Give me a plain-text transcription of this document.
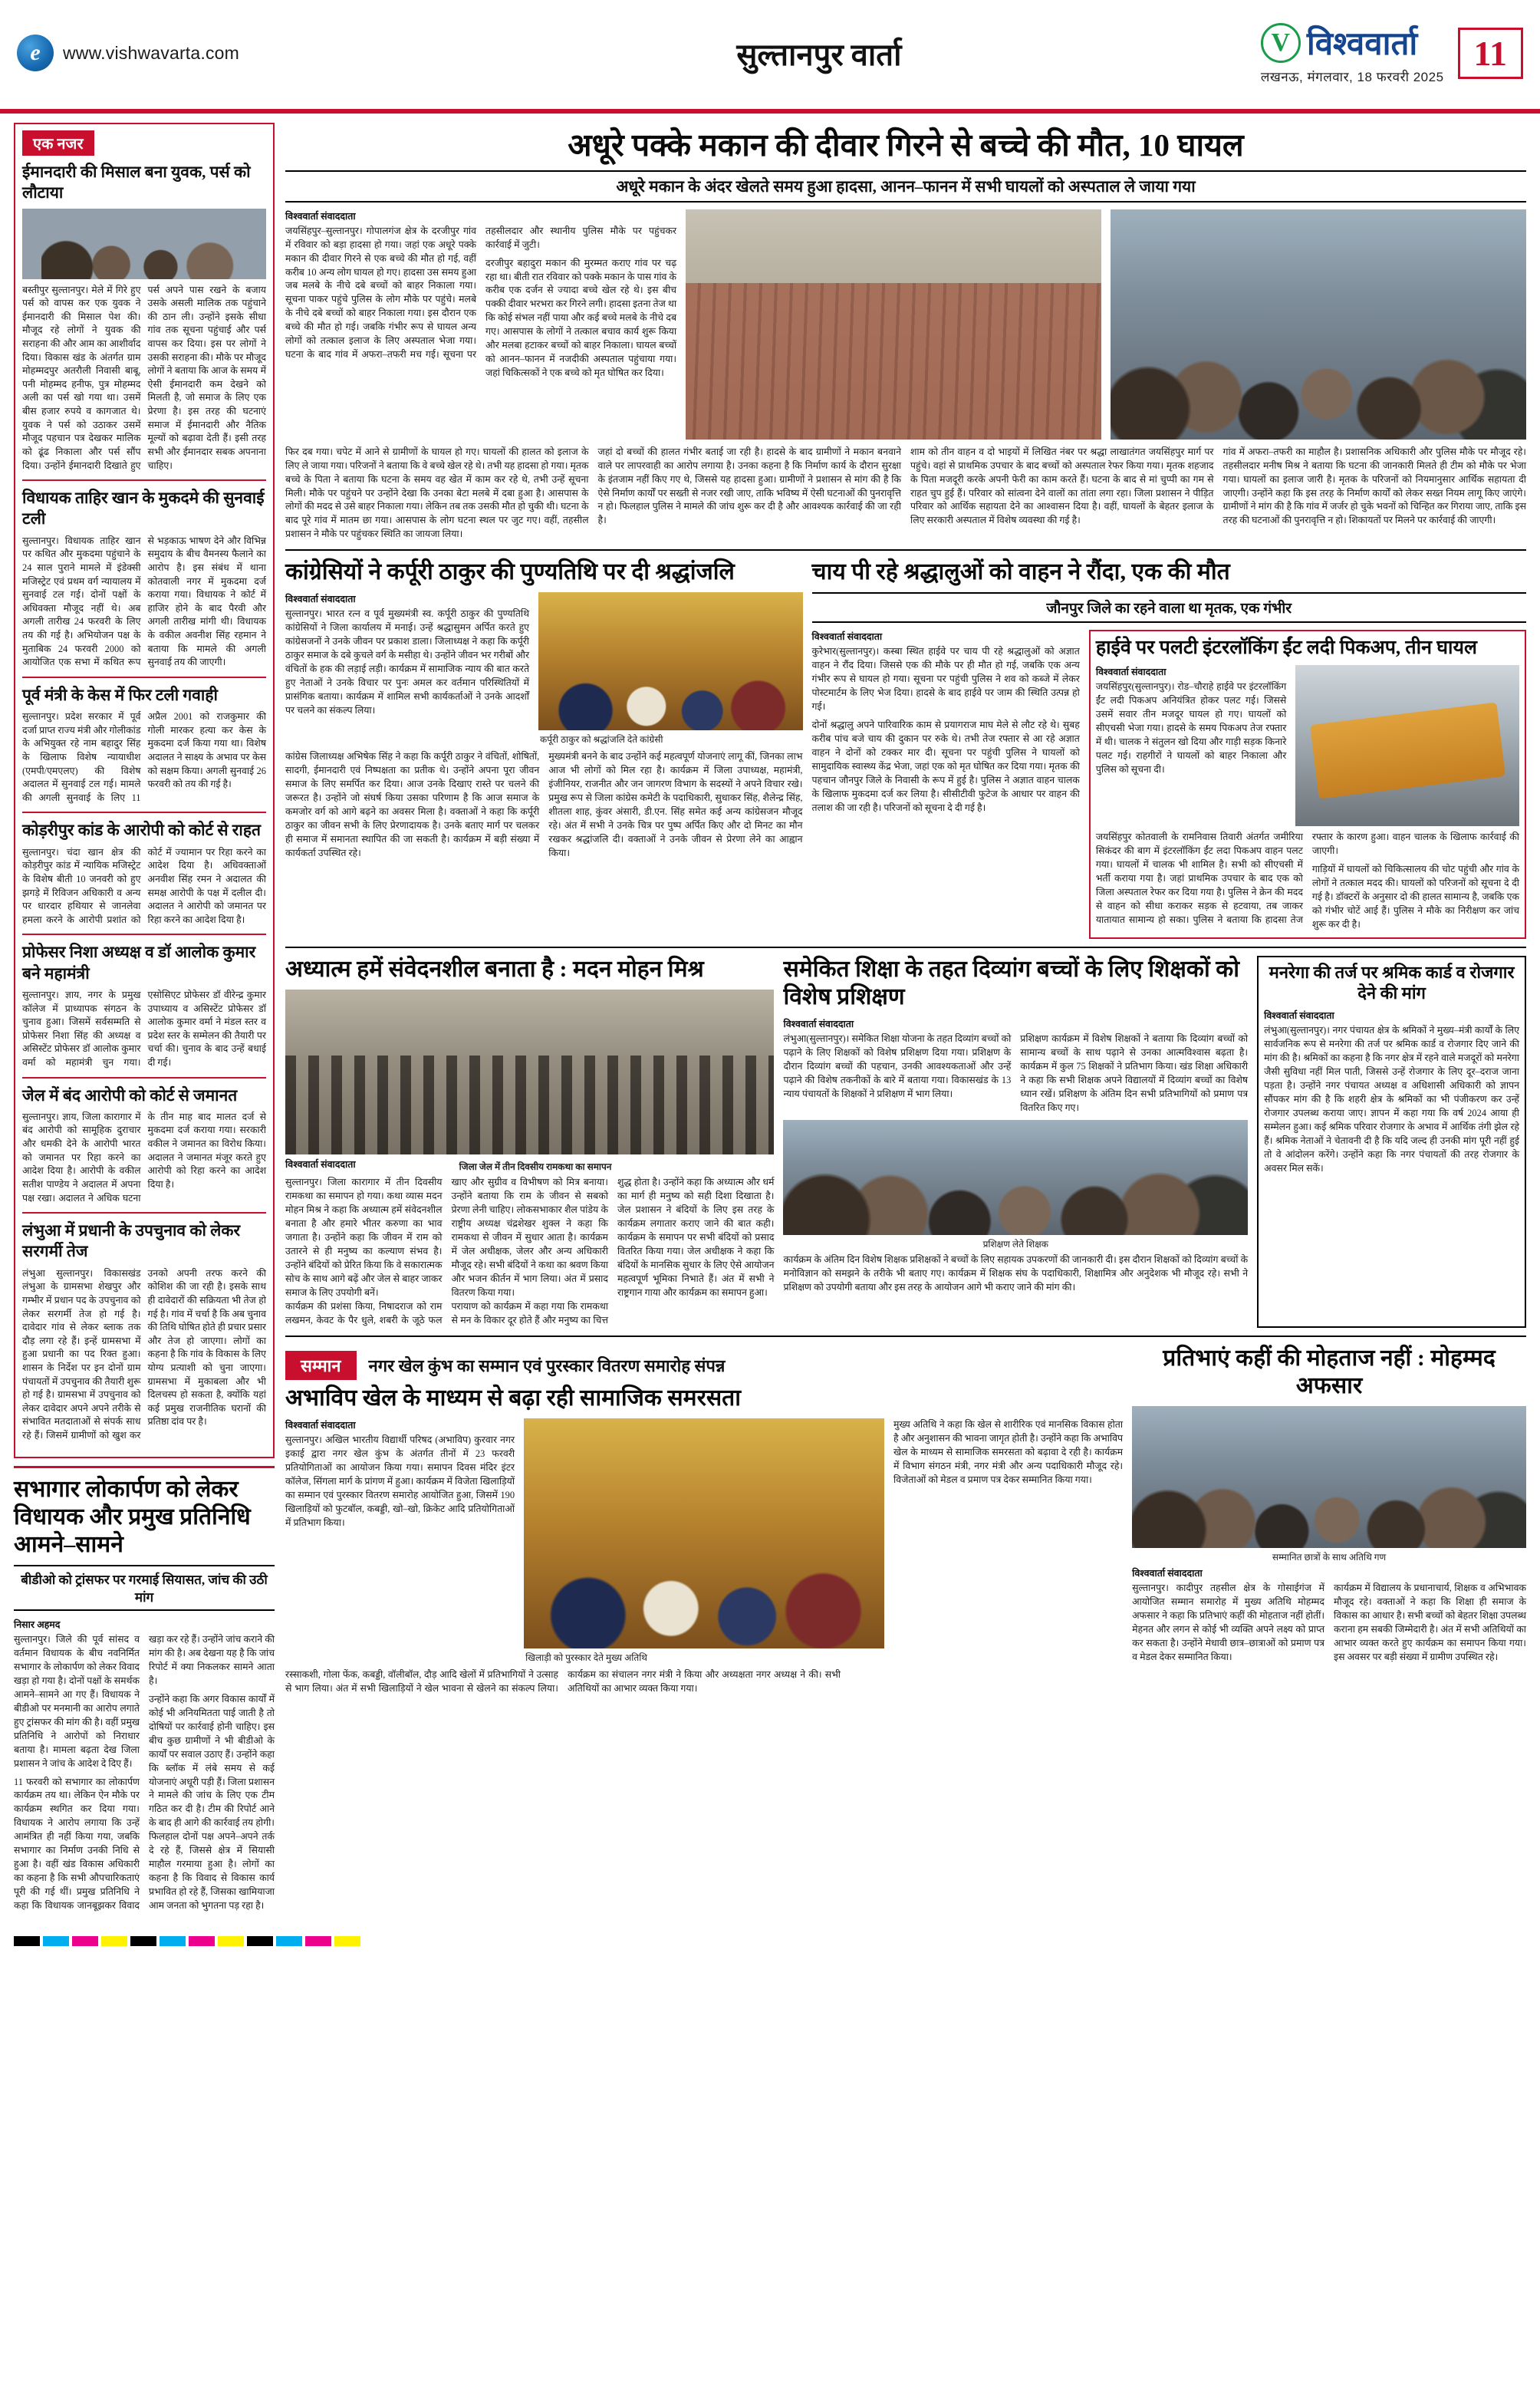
e
www.vishwavarta.com	सुल्तानपुर वार्ता V	विश्ववार्ता
लखनऊ, मंगलवार, 18 फरवरी 2025
11
एक नजर
ईमानदारी की मिसाल बना युवक, पर्स को लौटाया
बस्तीपुर सुल्तानपुर। मेले में गिरे हुए पर्स को वापस कर एक युवक ने ईमानदारी की मिसाल पेश की। मौजूद रहे लोगों ने युवक की सराहना की और आम का आशीर्वाद दिया। विकास खंड के अंतर्गत ग्राम मोहम्मदपुर अतरौली निवासी बाबू, पनी मोहम्मद हनीफ, पुत्र मोहम्मद अली का पर्स खो गया था। उसमें बीस हजार रुपये व कागजात थे। युवक ने पर्स को उठाकर उसमें मौजूद पहचान पत्र देखकर मालिक को ढूंढ निकाला और पर्स सौंप दिया। उन्होंने ईमानदारी दिखाते हुए पर्स अपने पास रखने के बजाय उसके असली मालिक तक पहुंचाने की ठान ली। उन्होंने इसके सीधा गांव तक सूचना पहुंचाई और पर्स वापस कर दिया। इस पर लोगों ने उसकी सराहना की। मौके पर मौजूद लोगों ने बताया कि आज के समय में ऐसी ईमानदारी कम देखने को मिलती है, जो समाज के लिए एक प्रेरणा है। इस तरह की घटनाएं समाज में ईमानदारी और नैतिक मूल्यों को बढ़ावा देती हैं। इसी तरह सभी और ईमानदार सबक अपनाना चाहिए।
विधायक ताहिर खान के मुकदमे की सुनवाई टली
सुल्तानपुर। विधायक ताहिर खान पर कथित और मुकदमा पहुंचाने के 24 साल पुराने मामले में इंडेक्सी मजिस्ट्रेट एवं प्रथम वर्ग न्यायालय में सुनवाई टल गई। दोनों पक्षों के अधिवक्ता मौजूद नहीं थे। अब अगली तारीख 24 फरवरी के लिए तय की गई है। अभियोजन पक्ष के मुताबिक 24 फरवरी 2000 को आयोजित एक सभा में कथित रूप से भड़काऊ भाषण देने और विभिन्न समुदाय के बीच वैमनस्य फैलाने का आरोप है। इस संबंध में थाना कोतवाली नगर में मुकदमा दर्ज कराया गया। विधायक ने कोर्ट में हाजिर होने के बाद पैरवी और अगली तारीख मांगी थी। विधायक के वकील अवनीश सिंह रहमान ने बताया कि मामले की अगली सुनवाई तय की जाएगी।
पूर्व मंत्री के केस में फिर टली गवाही
सुल्तानपुर। प्रदेश सरकार में पूर्व दर्जा प्राप्त राज्य मंत्री और गोलीकांड के अभियुक्त रहे नाम बहादुर सिंह के खिलाफ विशेष न्यायाधीश (एमपी/एमएलए) की विशेष अदालत में सुनवाई टल गई। मामले की अगली सुनवाई के लिए 11 अप्रैल 2001 को राजकुमार की गोली मारकर हत्या कर केस के मुकदमा दर्ज किया गया था। विशेष अदालत ने साक्ष्य के अभाव पर केस को सक्षम किया। अगली सुनवाई 26 फरवरी को तय की गई है।
कोड़रीपुर कांड के आरोपी को कोर्ट से राहत
सुल्तानपुर। चंदा खान क्षेत्र की कोड़रीपुर कांड में न्यायिक मजिस्ट्रेट के विशेष बीती 10 जनवरी को हुए झगड़े में रिविजन अधिकारी व अन्य पर धारदार हथियार से जानलेवा हमला करने के आरोपी प्रशांत को कोर्ट में ज्यामान पर रिहा करने का आदेश दिया है। अधिवक्ताओं अनवीश सिंह रमन ने अदालत की समक्ष आरोपी के पक्ष में दलील दी। अदालत ने आरोपी को जमानत पर रिहा करने का आदेश दिया है।
प्रोफेसर निशा अध्यक्ष व डॉ आलोक कुमार बने महामंत्री
सुल्तानपुर। ज्ञाय, नगर के प्रमुख कॉलेज में प्राध्यापक संगठन के चुनाव हुआ। जिसमें सर्वसम्मति से प्रोफेसर निशा सिंह की अध्यक्ष व असिस्टेंट प्रोफेसर डॉ आलोक कुमार वर्मा को महामंत्री चुन गया। एसोसिएट प्रोफेसर डॉ वीरेन्द्र कुमार उपाध्याय व असिस्टेंट प्रोफेसर डॉ आलोक कुमार वर्मा ने मंडल स्तर व प्रदेश स्तर के सम्मेलन की तैयारी पर चर्चा की। चुनाव के बाद उन्हें बधाई दी गई।
जेल में बंद आरोपी को कोर्ट से जमानत
सुल्तानपुर। ज्ञाय, जिला कारागार में बंद आरोपी को सामूहिक दुराचार और धमकी देने के आरोपी भारत को जमानत पर रिहा करने का आदेश दिया है। आरोपी के वकील सतीश पाण्डेय ने अदालत में अपना पक्ष रखा। अदालत ने अधिक घटना के तीन माह बाद मालत दर्ज से मुकदमा दर्ज कराया गया। सरकारी वकील ने जमानत का विरोध किया। अदालत ने जमानत मंजूर करते हुए आरोपी को रिहा करने का आदेश दिया है।
लंभुआ में प्रधानी के उपचुनाव को लेकर सरगर्मी तेज
लंभुआ सुल्तानपुर। विकासखंड लंभुआ के ग्रामसभा शेखपुर और गम्भीर में प्रधान पद के उपचुनाव को लेकर सरगर्मी तेज हो गई है। दावेदार गांव से लेकर ब्लाक तक दौड़ लगा रहे हैं। इन्हें ग्रामसभा में हुआ प्रधानी का पद रिक्त हुआ। शासन के निर्देश पर इन दोनों ग्राम पंचायतों में उपचुनाव की तैयारी शुरू हो गई है। ग्रामसभा में उपचुनाव को लेकर दावेदार अपने अपने तरीके से संभावित मतदाताओं से संपर्क साध रहे हैं। जिसमें ग्रामीणों को खुश कर उनको अपनी तरफ करने की कोशिश की जा रही है। इसके साथ ही दावेदारों की सक्रियता भी तेज हो गई है। गांव में चर्चा है कि अब चुनाव की तिथि घोषित होते ही प्रचार प्रसार और तेज हो जाएगा। लोगों का कहना है कि गांव के विकास के लिए योग्य प्रत्याशी को चुना जाएगा। ग्रामसभा में मुकाबला और भी दिलचस्प हो सकता है, क्योंकि यहां कई प्रमुख राजनीतिक घरानों की प्रतिष्ठा दांव पर है।
सभागार लोकार्पण को लेकर विधायक और प्रमुख प्रतिनिधि आमने–सामने
बीडीओ को ट्रांसफर पर गरमाई सियासत, जांच की उठी मांग
निसार अहमद
सुल्तानपुर। जिले की पूर्व सांसद व वर्तमान विधायक के बीच नवनिर्मित सभागार के लोकार्पण को लेकर विवाद खड़ा हो गया है। दोनों पक्षों के समर्थक आमने–सामने आ गए हैं। विधायक ने बीडीओ पर मनमानी का आरोप लगाते हुए ट्रांसफर की मांग की है। वहीं प्रमुख प्रतिनिधि ने आरोपों को निराधार बताया है। मामला बढ़ता देख जिला प्रशासन ने जांच के आदेश दे दिए हैं।
11 फरवरी को सभागार का लोकार्पण कार्यक्रम तय था। लेकिन ऐन मौके पर कार्यक्रम स्थगित कर दिया गया। विधायक ने आरोप लगाया कि उन्हें आमंत्रित ही नहीं किया गया, जबकि सभागार का निर्माण उनकी निधि से हुआ है। वहीं खंड विकास अधिकारी का कहना है कि सभी औपचारिकताएं पूरी की गई थीं। प्रमुख प्रतिनिधि ने कहा कि विधायक जानबूझकर विवाद खड़ा कर रहे हैं। उन्होंने जांच कराने की मांग की है। अब देखना यह है कि जांच रिपोर्ट में क्या निकलकर सामने आता है।
उन्होंने कहा कि अगर विकास कार्यों में कोई भी अनियमितता पाई जाती है तो दोषियों पर कार्रवाई होनी चाहिए। इस बीच कुछ ग्रामीणों ने भी बीडीओ के कार्यों पर सवाल उठाए हैं। उन्होंने कहा कि ब्लॉक में लंबे समय से कई योजनाएं अधूरी पड़ी हैं। जिला प्रशासन ने मामले की जांच के लिए एक टीम गठित कर दी है। टीम की रिपोर्ट आने के बाद ही आगे की कार्रवाई तय होगी। फिलहाल दोनों पक्ष अपने–अपने तर्क दे रहे हैं, जिससे क्षेत्र में सियासी माहौल गरमाया हुआ है। लोगों का कहना है कि विवाद से विकास कार्य प्रभावित हो रहे हैं, जिसका खामियाजा आम जनता को भुगतना पड़ रहा है।
अधूरे पक्के मकान की दीवार गिरने से बच्चे की मौत, 10 घायल
अधूरे मकान के अंदर खेलते समय हुआ हादसा, आनन–फानन में सभी घायलों को अस्पताल ले जाया गया
विश्ववार्ता संवाददाता
जयसिंहपुर–सुल्तानपुर। गोपालगंज क्षेत्र के दरजीपुर गांव में रविवार को बड़ा हादसा हो गया। जहां एक अधूरे पक्के मकान की दीवार गिरने से एक बच्चे की मौत हो गई, वहीं करीब 10 अन्य लोग घायल हो गए। हादसा उस समय हुआ जब मलबे के नीचे दबे बच्चों को बाहर निकाला गया। सूचना पाकर पहुंचे पुलिस के लोग मौके पर पहुंचे। मलबे के नीचे दबे बच्चों को बाहर निकाला गया। इस दौरान एक बच्चे की मौत हो गई। जबकि गंभीर रूप से घायल अन्य लोगों को तत्काल इलाज के लिए अस्पताल भेजा गया। घटना के बाद गांव में अफरा–तफरी मच गई। सूचना पर तहसीलदार और स्थानीय पुलिस मौके पर पहुंचकर कार्रवाई में जुटी।
दरजीपुर बहादुरा मकान की मुरम्मत कराए गांव पर चढ़ रहा था। बीती रात रविवार को पक्के मकान के पास गांव के करीब एक दर्जन से ज्यादा बच्चे खेल रहे थे। इस बीच पक्की दीवार भरभरा कर गिरने लगी। हादसा इतना तेज था कि कोई संभल नहीं पाया और कई बच्चे मलबे के नीचे दब गए। आसपास के लोगों ने तत्काल बचाव कार्य शुरू किया और मलबा हटाकर बच्चों को बाहर निकाला। घायल बच्चों को आनन–फानन में नजदीकी अस्पताल पहुंचाया गया। जहां चिकित्सकों ने एक बच्चे को मृत घोषित कर दिया।
फिर दब गया। चपेट में आने से ग्रामीणों के घायल हो गए। घायलों की हालत को इलाज के लिए ले जाया गया। परिजनों ने बताया कि वे बच्चे खेल रहे थे। तभी यह हादसा हो गया। मृतक बच्चे के पिता ने बताया कि घटना के समय वह खेत में काम कर रहे थे, तभी उन्हें सूचना मिली। मौके पर पहुंचने पर उन्होंने देखा कि उनका बेटा मलबे में दबा हुआ है। आसपास के लोगों की मदद से उसे बाहर निकाला गया। लेकिन तब तक उसकी मौत हो चुकी थी। घटना के बाद पूरे गांव में मातम छा गया। आसपास के लोग घटना स्थल पर जुट गए। वहीं, तहसील प्रशासन ने मौके पर पहुंचकर स्थिति का जायजा लिया।
जहां दो बच्चों की हालत गंभीर बताई जा रही है। हादसे के बाद ग्रामीणों ने मकान बनवाने वाले पर लापरवाही का आरोप लगाया है। उनका कहना है कि निर्माण कार्य के दौरान सुरक्षा के इंतजाम नहीं किए गए थे, जिससे यह हादसा हुआ। ग्रामीणों ने प्रशासन से मांग की है कि ऐसे निर्माण कार्यों पर सख्ती से नजर रखी जाए, ताकि भविष्य में ऐसी घटनाओं की पुनरावृत्ति न हो। फिलहाल पुलिस ने मामले की जांच शुरू कर दी है और आवश्यक कार्रवाई की जा रही है।
शाम को तीन वाहन व दो भाइयों में लिखित नंबर पर श्रद्धा लाखातंगत जयसिंहपुर मार्ग पर पहुंचे। वहां से प्राथमिक उपचार के बाद बच्चों को अस्पताल रेफर किया गया। मृतक शहजाद के पिता मजदूरी करके अपनी फेरी का काम करते हैं। घटना के बाद से मां चुप्पी का गम से राहत चुप हुई हैं। परिवार को सांत्वना देने वालों का तांता लगा रहा। जिला प्रशासन ने पीड़ित परिवार को आर्थिक सहायता देने का आश्वासन दिया है। वहीं, घायलों के बेहतर इलाज के लिए सरकारी अस्पताल में विशेष व्यवस्था की गई है।
गांव में अफरा–तफरी का माहौल है। प्रशासनिक अधिकारी और पुलिस मौके पर मौजूद रहे। तहसीलदार मनीष मिश्र ने बताया कि घटना की जानकारी मिलते ही टीम को मौके पर भेजा गया। घायलों का इलाज जारी है। मृतक के परिजनों को नियमानुसार आर्थिक सहायता दी जाएगी। उन्होंने कहा कि इस तरह के निर्माण कार्यों को लेकर सख्त नियम लागू किए जाएंगे। ग्रामीणों ने मांग की है कि गांव में जर्जर हो चुके भवनों को चिन्हित कर गिराया जाए, ताकि इस तरह की घटनाओं की पुनरावृत्ति न हो। शिकायतों पर मिलने पर कार्रवाई की जाएगी।
कांग्रेसियों ने कर्पूरी ठाकुर की पुण्यतिथि पर दी श्रद्धांजलि
विश्ववार्ता संवाददाता
सुल्तानपुर। भारत रत्न व पूर्व मुख्यमंत्री स्व. कर्पूरी ठाकुर की पुण्यतिथि कांग्रेसियों ने जिला कार्यालय में मनाई। उन्हें श्रद्धासुमन अर्पित करते हुए कांग्रेसजनों ने उनके जीवन पर प्रकाश डाला। जिलाध्यक्ष ने कहा कि कर्पूरी ठाकुर समाज के दबे कुचले वर्ग के मसीहा थे। उन्होंने जीवन भर गरीबों और वंचितों के हक की लड़ाई लड़ी। कार्यक्रम में सामाजिक न्याय की बात करते हुए नेताओं ने उनके विचार पर पुनः अमल कर वर्तमान परिस्थितियों में प्रासंगिक बताया। कार्यक्रम में शामिल सभी कार्यकर्ताओं ने उनके आदर्शों पर चलने का संकल्प लिया।
कर्पूरी ठाकुर को श्रद्धांजलि देते कांग्रेसी
कांग्रेस जिलाध्यक्ष अभिषेक सिंह ने कहा कि कर्पूरी ठाकुर ने वंचितों, शोषितों, सादगी, ईमानदारी एवं निष्पक्षता का प्रतीक थे। उन्होंने अपना पूरा जीवन समाज के लिए समर्पित कर दिया। आज उनके दिखाए रास्ते पर चलने की जरूरत है। उन्होंने जो संघर्ष किया उसका परिणाम है कि आज समाज के कमजोर वर्ग को आगे बढ़ने का अवसर मिला है। वक्ताओं ने कहा कि कर्पूरी ठाकुर का जीवन सभी के लिए प्रेरणादायक है। उनके बताए मार्ग पर चलकर ही समाज में समानता स्थापित की जा सकती है। कार्यक्रम में बड़ी संख्या में कार्यकर्ता उपस्थित रहे।
मुख्यमंत्री बनने के बाद उन्होंने कई महत्वपूर्ण योजनाएं लागू कीं, जिनका लाभ आज भी लोगों को मिल रहा है। कार्यक्रम में जिला उपाध्यक्ष, महामंत्री, इंजीनियर, राजनीत और जन जागरण विभाग के सदस्यों ने अपने विचार रखे। प्रमुख रूप से जिला कांग्रेस कमेटी के पदाधिकारी, सुधाकर सिंह, शैलेन्द्र सिंह, शीतला शाह, कुंवर अंसारी, डी.एन. सिंह समेत कई अन्य कांग्रेसजन मौजूद रहे। अंत में सभी ने उनके चित्र पर पुष्प अर्पित किए और दो मिनट का मौन रखकर श्रद्धांजलि दी। वक्ताओं ने उनके जीवन से प्रेरणा लेने का आह्वान किया।
चाय पी रहे श्रद्धालुओं को वाहन ने रौंदा, एक की मौत
जौनपुर जिले का रहने वाला था मृतक, एक गंभीर
विश्ववार्ता संवाददाता
कुरेभार(सुल्तानपुर)। कस्बा स्थित हाईवे पर चाय पी रहे श्रद्धालुओं को अज्ञात वाहन ने रौंद दिया। जिससे एक की मौके पर ही मौत हो गई, जबकि एक अन्य गंभीर रूप से घायल हो गया। सूचना पर पहुंची पुलिस ने शव को कब्जे में लेकर पोस्टमार्टम के लिए भेज दिया। हादसे के बाद हाईवे पर जाम की स्थिति उत्पन्न हो गई।
दोनों श्रद्धालु अपने पारिवारिक काम से प्रयागराज माघ मेले से लौट रहे थे। सुबह करीब पांच बजे चाय की दुकान पर रुके थे। तभी तेज रफ्तार से आ रहे अज्ञात वाहन ने दोनों को टक्कर मार दी। सूचना पर पहुंची पुलिस ने घायलों को सामुदायिक स्वास्थ्य केंद्र भेजा, जहां एक को मृत घोषित कर दिया गया। मृतक की पहचान जौनपुर जिले के निवासी के रूप में हुई है। पुलिस ने अज्ञात वाहन चालक के खिलाफ मुकदमा दर्ज कर लिया है। सीसीटीवी फुटेज के आधार पर वाहन की तलाश की जा रही है। परिजनों को सूचना दे दी गई है।
हाईवे पर पलटी इंटरलॉकिंग ईंट लदी पिकअप, तीन घायल
विश्ववार्ता संवाददाता
जयसिंहपुर(सुल्तानपुर)। रोड–चौराहे हाईवे पर इंटरलॉकिंग ईंट लदी पिकअप अनियंत्रित होकर पलट गई। जिससे उसमें सवार तीन मजदूर घायल हो गए। घायलों को सीएचसी भेजा गया। हादसे के समय पिकअप तेज रफ्तार में थी। चालक ने संतुलन खो दिया और गाड़ी सड़क किनारे पलट गई। राहगीरों ने घायलों को बाहर निकाला और पुलिस को सूचना दी।
जयसिंहपुर कोतवाली के रामनिवास तिवारी अंतर्गत जमीरिया सिकंदर की बाग में इंटरलॉकिंग ईंट लदा पिकअप वाहन पलट गया। घायलों में चालक भी शामिल है। सभी को सीएचसी में भर्ती कराया गया है। जहां प्राथमिक उपचार के बाद एक को जिला अस्पताल रेफर कर दिया गया है। पुलिस ने क्रेन की मदद से वाहन को सीधा कराकर सड़क से हटवाया, तब जाकर यातायात सामान्य हो सका। पुलिस ने बताया कि हादसा तेज रफ्तार के कारण हुआ। वाहन चालक के खिलाफ कार्रवाई की जाएगी।
गाड़ियों में घायलों को चिकित्सालय की चोट पहुंची और गांव के लोगों ने तत्काल मदद की। घायलों को परिजनों को सूचना दे दी गई है। डॉक्टरों के अनुसार दो की हालत सामान्य है, जबकि एक को गंभीर चोटें आई हैं। पुलिस ने मौके का निरीक्षण कर जांच शुरू कर दी है।
अध्यात्म हमें संवेदनशील बनाता है : मदन मोहन मिश्र
विश्ववार्ता संवाददाता	जिला जेल में तीन दिवसीय रामकथा का समापन
सुल्तानपुर। जिला कारागार में तीन दिवसीय रामकथा का समापन हो गया। कथा व्यास मदन मोहन मिश्र ने कहा कि अध्यात्म हमें संवेदनशील बनाता है और हमारे भीतर करुणा का भाव जगाता है। उन्होंने कहा कि जीवन में राम को उतारने से ही मनुष्य का कल्याण संभव है। उन्होंने बंदियों को प्रेरित किया कि वे सकारात्मक सोच के साथ आगे बढ़ें और जेल से बाहर जाकर समाज के लिए उपयोगी बनें।
कार्यक्रम की प्रशंसा किया, निषादराज को राम लखमन, केवट के पैर धुले, शबरी के जूठे फल खाए और सुग्रीव व विभीषण को मित्र बनाया। उन्होंने बताया कि राम के जीवन से सबको प्रेरणा लेनी चाहिए। लोकसभाकार शैल पांडेय के राष्ट्रीय अध्यक्ष चंद्रशेखर शुक्ल ने कहा कि रामकथा से जीवन में सुधार आता है। कार्यक्रम में जेल अधीक्षक, जेलर और अन्य अधिकारी मौजूद रहे। सभी बंदियों ने कथा का श्रवण किया और भजन कीर्तन में भाग लिया। अंत में प्रसाद वितरण किया गया।
परायाण को कार्यक्रम में कहा गया कि रामकथा से मन के विकार दूर होते हैं और मनुष्य का चित्त शुद्ध होता है। उन्होंने कहा कि अध्यात्म और धर्म का मार्ग ही मनुष्य को सही दिशा दिखाता है। जेल प्रशासन ने बंदियों के लिए इस तरह के कार्यक्रम लगातार कराए जाने की बात कही। कार्यक्रम के समापन पर सभी बंदियों को प्रसाद वितरित किया गया। जेल अधीक्षक ने कहा कि बंदियों के मानसिक सुधार के लिए ऐसे आयोजन महत्वपूर्ण भूमिका निभाते हैं। अंत में सभी ने राष्ट्रगान गाया और कार्यक्रम का समापन हुआ।
समेकित शिक्षा के तहत दिव्यांग बच्चों के लिए शिक्षकों को विशेष प्रशिक्षण
विश्ववार्ता संवाददाता
लंभुआ(सुल्तानपुर)। समेकित शिक्षा योजना के तहत दिव्यांग बच्चों को पढ़ाने के लिए शिक्षकों को विशेष प्रशिक्षण दिया गया। प्रशिक्षण के दौरान दिव्यांग बच्चों की पहचान, उनकी आवश्यकताओं और उन्हें पढ़ाने की विशेष तकनीकों के बारे में बताया गया। विकासखंड के 13 न्याय पंचायतों के शिक्षकों ने प्रशिक्षण में भाग लिया।
प्रशिक्षण कार्यक्रम में विशेष शिक्षकों ने बताया कि दिव्यांग बच्चों को सामान्य बच्चों के साथ पढ़ाने से उनका आत्मविश्वास बढ़ता है। कार्यक्रम में कुल 75 शिक्षकों ने प्रतिभाग किया। खंड शिक्षा अधिकारी ने कहा कि सभी शिक्षक अपने विद्यालयों में दिव्यांग बच्चों का विशेष ध्यान रखें। प्रशिक्षण के अंतिम दिन सभी प्रतिभागियों को प्रमाण पत्र वितरित किए गए।
प्रशिक्षण लेते शिक्षक
कार्यक्रम के अंतिम दिन विशेष शिक्षक प्रशिक्षकों ने बच्चों के लिए सहायक उपकरणों की जानकारी दी। इस दौरान शिक्षकों को दिव्यांग बच्चों के मनोविज्ञान को समझने के तरीके भी बताए गए। कार्यक्रम में शिक्षक संघ के पदाधिकारी, शिक्षामित्र और अनुदेशक भी मौजूद रहे। सभी ने प्रशिक्षण को उपयोगी बताया और इस तरह के आयोजन आगे भी कराए जाने की मांग की।
मनरेगा की तर्ज पर श्रमिक कार्ड व रोजगार देने की मांग
विश्ववार्ता संवाददाता
लंभुआ(सुल्तानपुर)। नगर पंचायत क्षेत्र के श्रमिकों ने मुख्य–मंत्री कार्यों के लिए सार्वजनिक रूप से मनरेगा की तर्ज पर श्रमिक कार्ड व रोजगार दिए जाने की मांग की है। श्रमिकों का कहना है कि नगर क्षेत्र में रहने वाले मजदूरों को मनरेगा जैसी सुविधा नहीं मिल पाती, जिससे उन्हें रोजगार के लिए दूर–दराज जाना पड़ता है। उन्होंने नगर पंचायत अध्यक्ष व अधिशासी अधिकारी को ज्ञापन सौंपकर मांग की है कि शहरी क्षेत्र के श्रमिकों का भी पंजीकरण कर उन्हें रोजगार उपलब्ध कराया जाए। ज्ञापन में कहा गया कि वर्ष 2024 आया ही सम्मेलन हुआ। कई श्रमिक परिवार रोजगार के अभाव में आर्थिक तंगी झेल रहे हैं। श्रमिक नेताओं ने चेतावनी दी है कि यदि जल्द ही उनकी मांग पूरी नहीं हुई तो वे आंदोलन करेंगे। उन्होंने कहा कि नगर पंचायतों की तरह रोजगार के अवसर मिल सकें।
सम्मान	नगर खेल कुंभ का सम्मान एवं पुरस्कार वितरण समारोह संपन्न
अभाविप खेल के माध्यम से बढ़ा रही सामाजिक समरसता
विश्ववार्ता संवाददाता
सुल्तानपुर। अखिल भारतीय विद्यार्थी परिषद (अभाविप) कुरवार नगर इकाई द्वारा नगर खेल कुंभ के अंतर्गत तीनों में 23 फरवरी प्रतियोगिताओं का आयोजन किया गया। समापन दिवस मंदिर इंटर कॉलेज, सिंगला मार्ग के प्रांगण में हुआ। कार्यक्रम में विजेता खिलाड़ियों का सम्मान एवं पुरस्कार वितरण समारोह आयोजित हुआ, जिसमें 190 खिलाड़ियों को फुटबॉल, कबड्डी, खो–खो, क्रिकेट आदि प्रतियोगिताओं में प्रतिभाग किया।
खिलाड़ी को पुरस्कार देते मुख्य अतिथि
मुख्य अतिथि ने कहा कि खेल से शारीरिक एवं मानसिक विकास होता है और अनुशासन की भावना जागृत होती है। उन्होंने कहा कि अभाविप खेल के माध्यम से सामाजिक समरसता को बढ़ावा दे रही है। कार्यक्रम में विभाग संगठन मंत्री, नगर मंत्री और अन्य पदाधिकारी मौजूद रहे। विजेताओं को मेडल व प्रमाण पत्र देकर सम्मानित किया गया।
रस्साकशी, गोला फेंक, कबड्डी, वॉलीबॉल, दौड़ आदि खेलों में प्रतिभागियों ने उत्साह से भाग लिया। अंत में सभी खिलाड़ियों ने खेल भावना से खेलने का संकल्प लिया। कार्यक्रम का संचालन नगर मंत्री ने किया और अध्यक्षता नगर अध्यक्ष ने की। सभी अतिथियों का आभार व्यक्त किया गया।
प्रतिभाएं कहीं की मोहताज नहीं : मोहम्मद अफसार
सम्मानित छात्रों के साथ अतिथि गण
विश्ववार्ता संवाददाता
सुल्तानपुर। कादीपुर तहसील क्षेत्र के गोसाईगंज में आयोजित सम्मान समारोह में मुख्य अतिथि मोहम्मद अफसार ने कहा कि प्रतिभाएं कहीं की मोहताज नहीं होतीं। मेहनत और लगन से कोई भी व्यक्ति अपने लक्ष्य को प्राप्त कर सकता है। उन्होंने मेधावी छात्र–छात्राओं को प्रमाण पत्र व मेडल देकर सम्मानित किया।
कार्यक्रम में विद्यालय के प्रधानाचार्य, शिक्षक व अभिभावक मौजूद रहे। वक्ताओं ने कहा कि शिक्षा ही समाज के विकास का आधार है। सभी बच्चों को बेहतर शिक्षा उपलब्ध कराना हम सबकी जिम्मेदारी है। अंत में सभी अतिथियों का आभार व्यक्त करते हुए कार्यक्रम का समापन किया गया। इस अवसर पर बड़ी संख्या में ग्रामीण उपस्थित रहे।
